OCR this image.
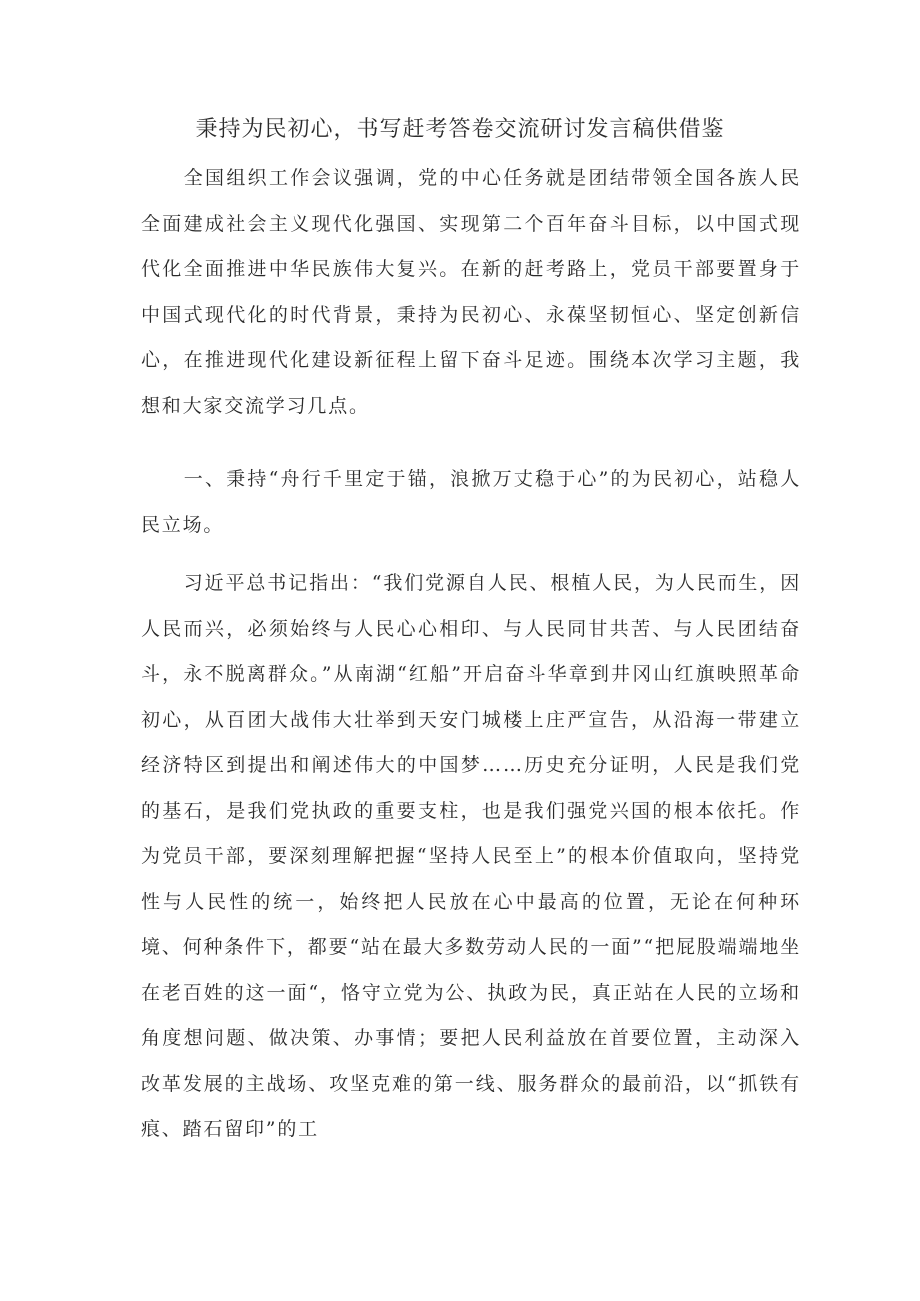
秉持为民初心，书写赶考答卷交流研讨发言稿供借鉴

全国组织工作会议强调，党的中心任务就是团结带领全国各族人民全面建成社会主义现代化强国、实现第二个百年奋斗目标，以中国式现代化全面推进中华民族伟大复兴。在新的赶考路上，党员干部要置身于中国式现代化的时代背景，秉持为民初心、永葆坚韧恒心、坚定创新信心，在推进现代化建设新征程上留下奋斗足迹。围绕本次学习主题，我想和大家交流学习几点。

一、秉持“舟行千里定于锚，浪掀万丈稳于心”的为民初心，站稳人民立场。

习近平总书记指出：“我们党源自人民、根植人民，为人民而生，因人民而兴，必须始终与人民心心相印、与人民同甘共苦、与人民团结奋斗，永不脱离群众。”从南湖“红船”开启奋斗华章到井冈山红旗映照革命初心，从百团大战伟大壮举到天安门城楼上庄严宣告，从沿海一带建立经济特区到提出和阐述伟大的中国梦……历史充分证明，人民是我们党的基石，是我们党执政的重要支柱，也是我们强党兴国的根本依托。作为党员干部，要深刻理解把握“坚持人民至上”的根本价值取向，坚持党性与人民性的统一，始终把人民放在心中最高的位置，无论在何种环境、何种条件下，都要“站在最大多数劳动人民的一面”“把屁股端端地坐在老百姓的这一面“，恪守立党为公、执政为民，真正站在人民的立场和角度想问题、做决策、办事情；要把人民利益放在首要位置，主动深入改革发展的主战场、攻坚克难的第一线、服务群众的最前沿，以“抓铁有痕、踏石留印”的工
